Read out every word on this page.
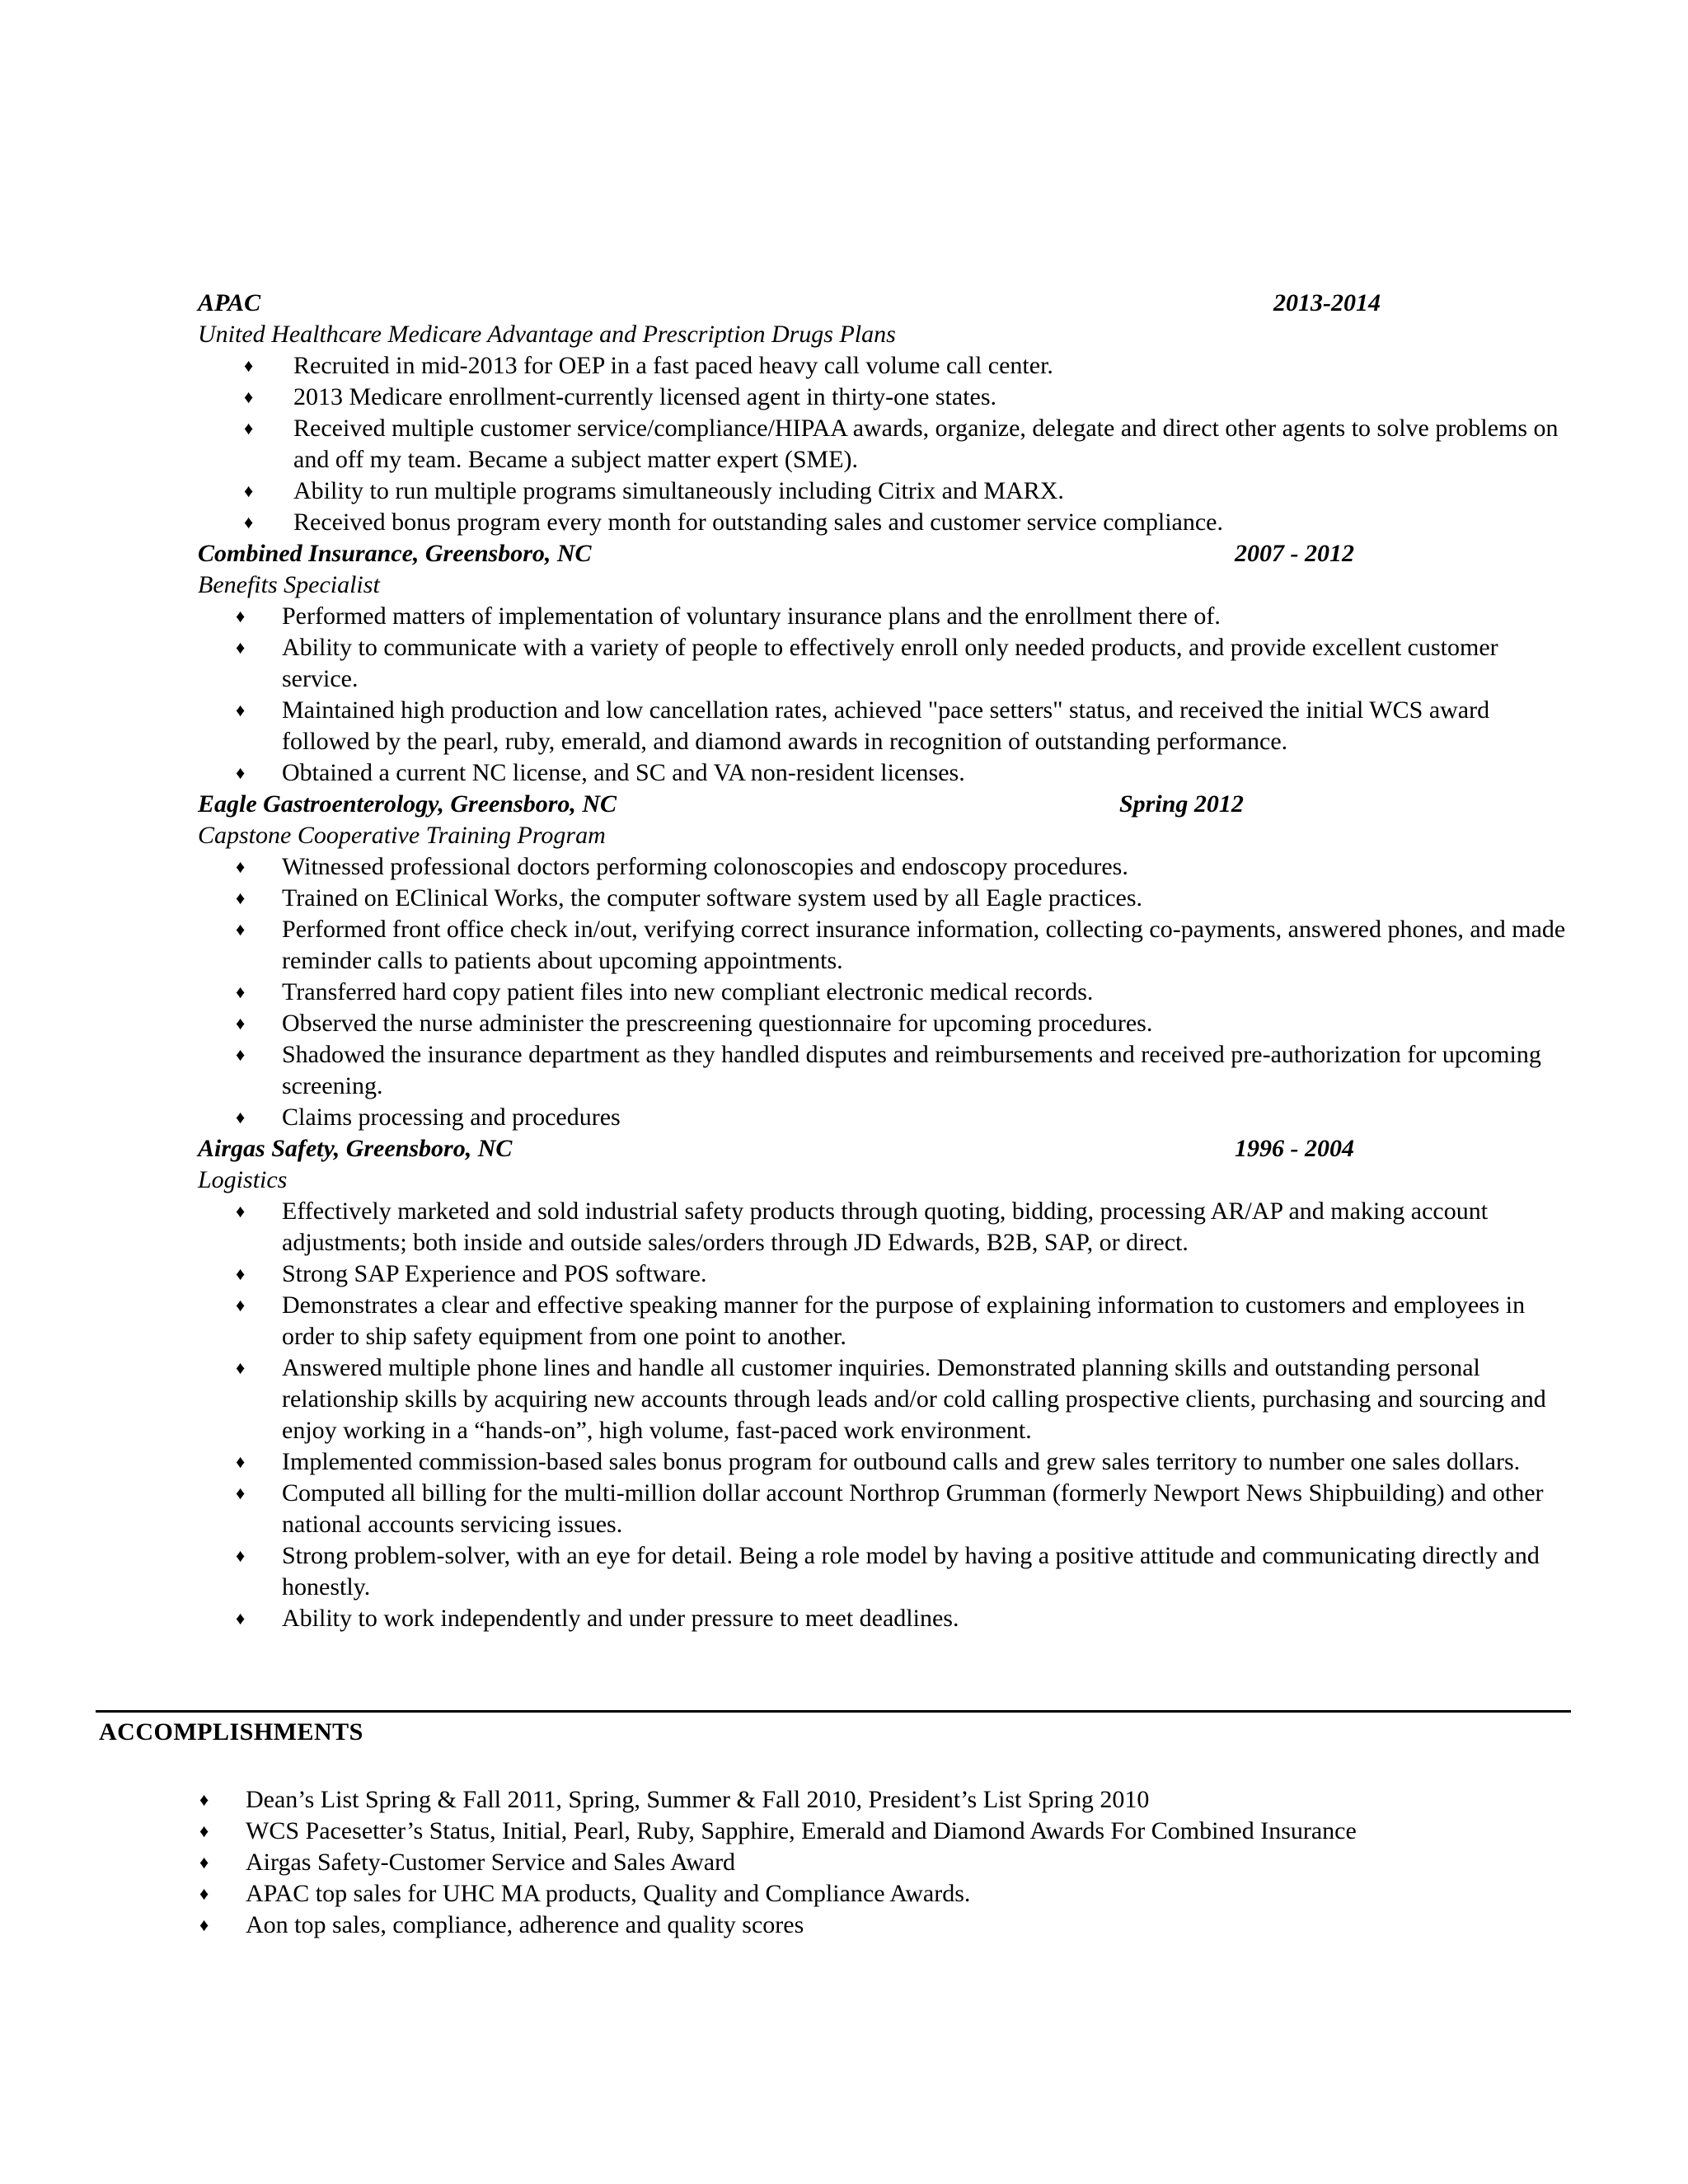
APAC	2013-2014
United Healthcare Medicare Advantage and Prescription Drugs Plans
♦ Recruited in mid-2013 for OEP in a fast paced heavy call volume call center.
♦ 2013 Medicare enrollment-currently licensed agent in thirty-one states.
♦ Received multiple customer service/compliance/HIPAA awards, organize, delegate and direct other agents to solve problems on and off my team. Became a subject matter expert (SME).
♦ Ability to run multiple programs simultaneously including Citrix and MARX.
♦ Received bonus program every month for outstanding sales and customer service compliance.
Combined Insurance, Greensboro, NC	2007 - 2012
Benefits Specialist
♦ Performed matters of implementation of voluntary insurance plans and the enrollment there of.
♦ Ability to communicate with a variety of people to effectively enroll only needed products, and provide excellent customer service.
♦ Maintained high production and low cancellation rates, achieved "pace setters" status, and received the initial WCS award followed by the pearl, ruby, emerald, and diamond awards in recognition of outstanding performance.
♦ Obtained a current NC license, and SC and VA non-resident licenses.
Eagle Gastroenterology, Greensboro, NC	Spring 2012
Capstone Cooperative Training Program
♦ Witnessed professional doctors performing colonoscopies and endoscopy procedures.
♦ Trained on EClinical Works, the computer software system used by all Eagle practices.
♦ Performed front office check in/out, verifying correct insurance information, collecting co-payments, answered phones, and made reminder calls to patients about upcoming appointments.
♦ Transferred hard copy patient files into new compliant electronic medical records.
♦ Observed the nurse administer the prescreening questionnaire for upcoming procedures.
♦ Shadowed the insurance department as they handled disputes and reimbursements and received pre-authorization for upcoming screening.
♦ Claims processing and procedures
Airgas Safety, Greensboro, NC	1996 - 2004
Logistics
♦ Effectively marketed and sold industrial safety products through quoting, bidding, processing AR/AP and making account adjustments; both inside and outside sales/orders through JD Edwards, B2B, SAP, or direct.
♦ Strong SAP Experience and POS software.
♦ Demonstrates a clear and effective speaking manner for the purpose of explaining information to customers and employees in order to ship safety equipment from one point to another.
♦ Answered multiple phone lines and handle all customer inquiries. Demonstrated planning skills and outstanding personal relationship skills by acquiring new accounts through leads and/or cold calling prospective clients, purchasing and sourcing and enjoy working in a “hands-on”, high volume, fast-paced work environment.
♦ Implemented commission-based sales bonus program for outbound calls and grew sales territory to number one sales dollars.
♦ Computed all billing for the multi-million dollar account Northrop Grumman (formerly Newport News Shipbuilding) and other national accounts servicing issues.
♦ Strong problem-solver, with an eye for detail. Being a role model by having a positive attitude and communicating directly and honestly.
♦ Ability to work independently and under pressure to meet deadlines.
ACCOMPLISHMENTS
♦ Dean’s List Spring & Fall 2011, Spring, Summer & Fall 2010, President’s List Spring 2010
♦ WCS Pacesetter’s Status, Initial, Pearl, Ruby, Sapphire, Emerald and Diamond Awards For Combined Insurance
♦ Airgas Safety-Customer Service and Sales Award
♦ APAC top sales for UHC MA products, Quality and Compliance Awards.
♦ Aon top sales, compliance, adherence and quality scores
